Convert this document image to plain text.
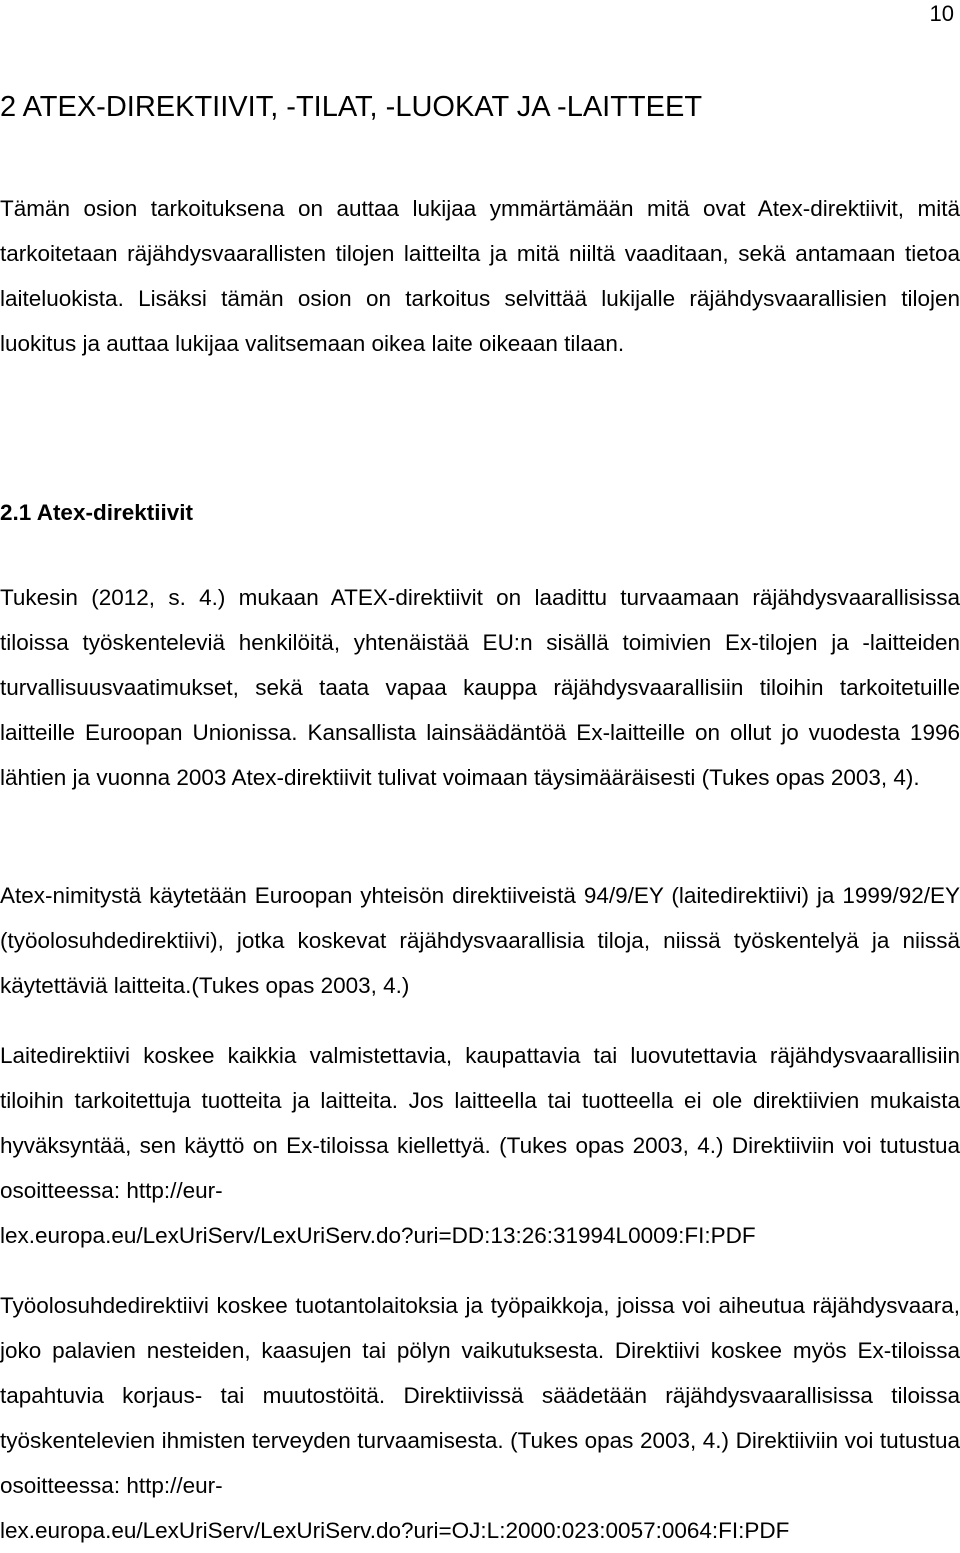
10
2 ATEX-DIREKTIIVIT, -TILAT, -LUOKAT JA -LAITTEET

Tämän osion tarkoituksena on auttaa lukijaa ymmärtämään mitä ovat Atex-direktiivit, mitä tarkoitetaan räjähdysvaarallisten tilojen laitteilta ja mitä niiltä vaaditaan, sekä antamaan tietoa laiteluokista. Lisäksi tämän osion on tarkoitus selvittää lukijalle räjähdysvaarallisien tilojen luokitus ja auttaa lukijaa valitsemaan oikea laite oikeaan tilaan.

2.1 Atex-direktiivit

Tukesin (2012, s. 4.) mukaan ATEX-direktiivit on laadittu turvaamaan räjähdysvaarallisissa tiloissa työskenteleviä henkilöitä, yhtenäistää EU:n sisällä toimivien Ex-tilojen ja -laitteiden turvallisuusvaatimukset, sekä taata vapaa kauppa räjähdysvaarallisiin tiloihin tarkoitetuille laitteille Euroopan Unionissa. Kansallista lainsäädäntöä Ex-laitteille on ollut jo vuodesta 1996 lähtien ja vuonna 2003 Atex-direktiivit tulivat voimaan täysimääräisesti (Tukes opas 2003, 4).

Atex-nimitystä käytetään Euroopan yhteisön direktiiveistä 94/9/EY (laitedirektiivi) ja 1999/92/EY (työolosuhdedirektiivi), jotka koskevat räjähdysvaarallisia tiloja, niissä työskentelyä ja niissä käytettäviä laitteita.(Tukes opas 2003, 4.)

Laitedirektiivi koskee kaikkia valmistettavia, kaupattavia tai luovutettavia räjähdysvaarallisiin tiloihin tarkoitettuja tuotteita ja laitteita. Jos laitteella tai tuotteella ei ole direktiivien mukaista hyväksyntää, sen käyttö on Ex-tiloissa kiellettyä. (Tukes opas 2003, 4.) Direktiiviin voi tutustua osoitteessa: http://eur-
lex.europa.eu/LexUriServ/LexUriServ.do?uri=DD:13:26:31994L0009:FI:PDF
Työolosuhdedirektiivi koskee tuotantolaitoksia ja työpaikkoja, joissa voi aiheutua räjähdysvaara, joko palavien nesteiden, kaasujen tai pölyn vaikutuksesta. Direktiivi koskee myös Ex-tiloissa tapahtuvia korjaus- tai muutostöitä. Direktiivissä säädetään räjähdysvaarallisissa tiloissa työskentelevien ihmisten terveyden turvaamisesta. (Tukes opas 2003, 4.) Direktiiviin voi tutustua osoitteessa: http://eur-
lex.europa.eu/LexUriServ/LexUriServ.do?uri=OJ:L:2000:023:0057:0064:FI:PDF
